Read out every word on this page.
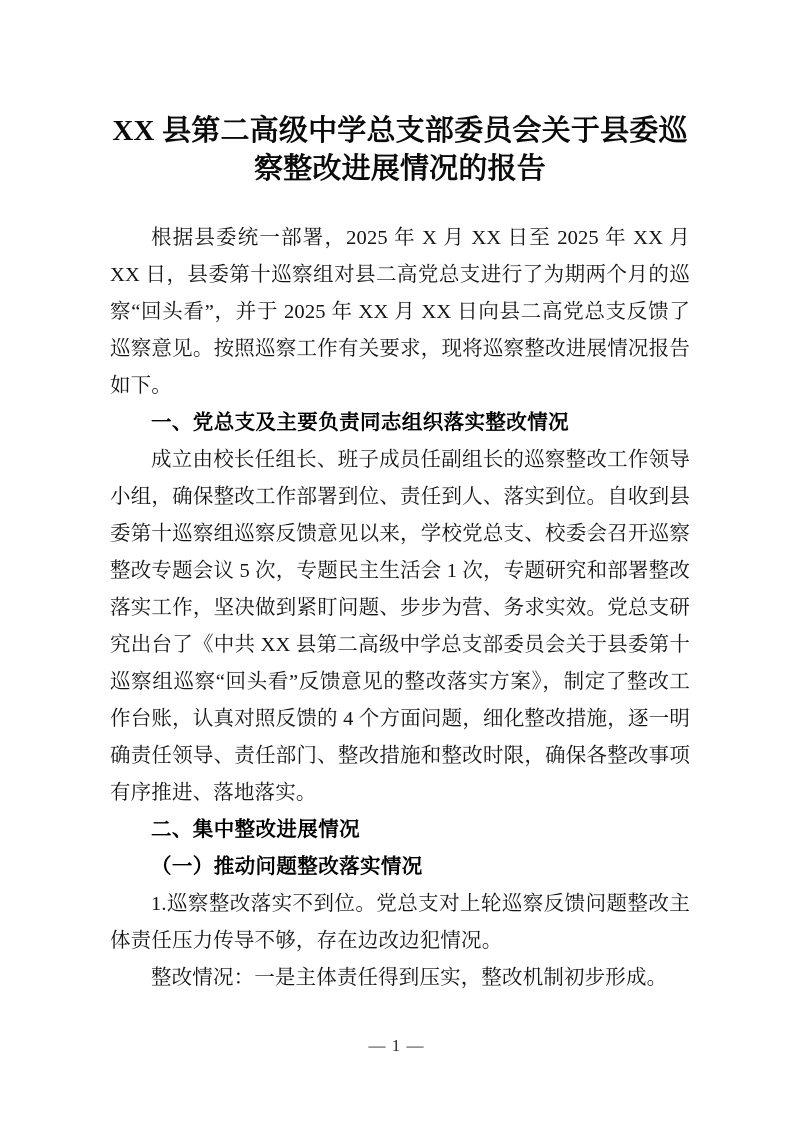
XX 县第二高级中学总支部委员会关于县委巡察整改进展情况的报告

根据县委统一部署，2025 年 X 月 XX 日至 2025 年 XX 月 XX 日，县委第十巡察组对县二高党总支进行了为期两个月的巡察“回头看”，并于 2025 年 XX 月 XX 日向县二高党总支反馈了巡察意见。按照巡察工作有关要求，现将巡察整改进展情况报告如下。

一、党总支及主要负责同志组织落实整改情况

成立由校长任组长、班子成员任副组长的巡察整改工作领导小组，确保整改工作部署到位、责任到人、落实到位。自收到县委第十巡察组巡察反馈意见以来，学校党总支、校委会召开巡察整改专题会议 5 次，专题民主生活会 1 次，专题研究和部署整改落实工作，坚决做到紧盯问题、步步为营、务求实效。党总支研究出台了《中共 XX 县第二高级中学总支部委员会关于县委第十巡察组巡察“回头看”反馈意见的整改落实方案》，制定了整改工作台账，认真对照反馈的 4 个方面问题，细化整改措施，逐一明确责任领导、责任部门、整改措施和整改时限，确保各整改事项有序推进、落地落实。

二、集中整改进展情况

（一）推动问题整改落实情况

1.巡察整改落实不到位。党总支对上轮巡察反馈问题整改主体责任压力传导不够，存在边改边犯情况。

整改情况：一是主体责任得到压实，整改机制初步形成。

— 1 —
